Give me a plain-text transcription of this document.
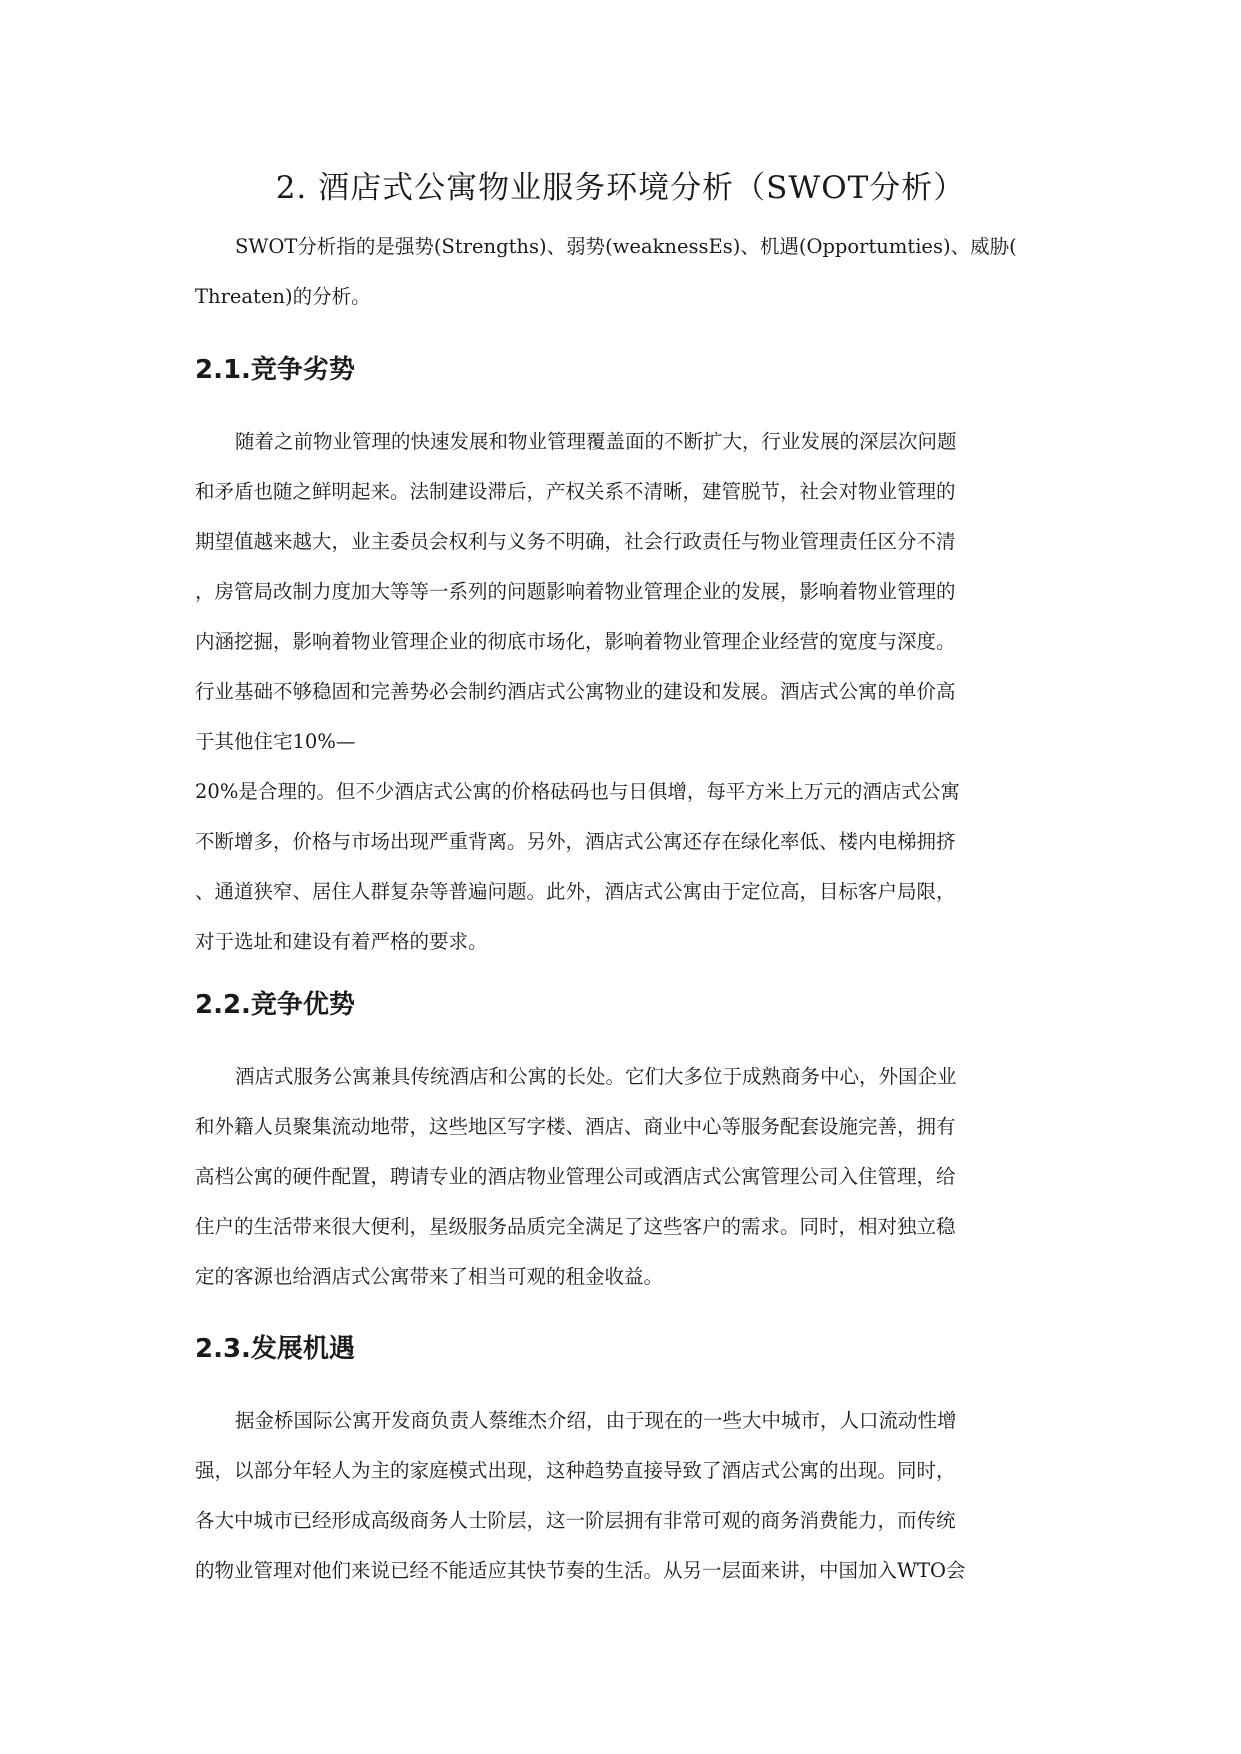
2. 酒店式公寓物业服务环境分析（SWOT分析）
SWOT分析指的是强势(Strengths)、弱势(weaknessEs)、机遇(Opportumties)、威胁(
Threaten)的分析。
2.1.竞争劣势
随着之前物业管理的快速发展和物业管理覆盖面的不断扩大，行业发展的深层次问题
和矛盾也随之鲜明起来。法制建设滞后，产权关系不清晰，建管脱节，社会对物业管理的
期望值越来越大，业主委员会权利与义务不明确，社会行政责任与物业管理责任区分不清
，房管局改制力度加大等等一系列的问题影响着物业管理企业的发展，影响着物业管理的
内涵挖掘，影响着物业管理企业的彻底市场化，影响着物业管理企业经营的宽度与深度。
行业基础不够稳固和完善势必会制约酒店式公寓物业的建设和发展。酒店式公寓的单价高
于其他住宅10%—
20%是合理的。但不少酒店式公寓的价格砝码也与日俱增，每平方米上万元的酒店式公寓
不断增多，价格与市场出现严重背离。另外，酒店式公寓还存在绿化率低、楼内电梯拥挤
、通道狭窄、居住人群复杂等普遍问题。此外，酒店式公寓由于定位高，目标客户局限，
对于选址和建设有着严格的要求。
2.2.竞争优势
酒店式服务公寓兼具传统酒店和公寓的长处。它们大多位于成熟商务中心，外国企业
和外籍人员聚集流动地带，这些地区写字楼、酒店、商业中心等服务配套设施完善，拥有
高档公寓的硬件配置，聘请专业的酒店物业管理公司或酒店式公寓管理公司入住管理，给
住户的生活带来很大便利，星级服务品质完全满足了这些客户的需求。同时，相对独立稳
定的客源也给酒店式公寓带来了相当可观的租金收益。
2.3.发展机遇
据金桥国际公寓开发商负责人蔡维杰介绍，由于现在的一些大中城市，人口流动性增
强，以部分年轻人为主的家庭模式出现，这种趋势直接导致了酒店式公寓的出现。同时，
各大中城市已经形成高级商务人士阶层，这一阶层拥有非常可观的商务消费能力，而传统
的物业管理对他们来说已经不能适应其快节奏的生活。从另一层面来讲，中国加入WTO会
